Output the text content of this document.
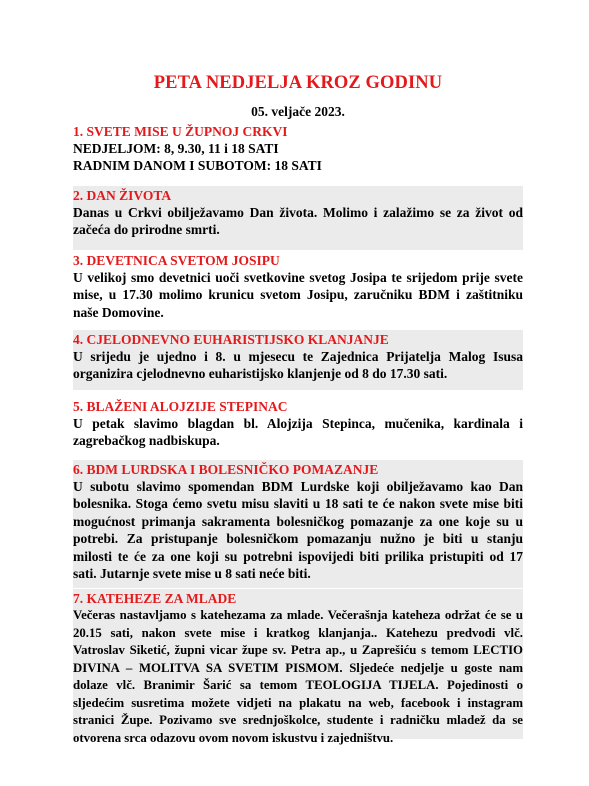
PETA NEDJELJA KROZ GODINU
05. veljače 2023.
1. SVETE MISE U ŽUPNOJ CRKVI
NEDJELJOM: 8, 9.30, 11 i 18 SATI
RADNIM DANOM I SUBOTOM: 18 SATI
2. DAN ŽIVOTA
Danas u Crkvi obilježavamo Dan života. Molimo i zalažimo se za život od
začeća do prirodne smrti.
3. DEVETNICA SVETOM JOSIPU
U velikoj smo devetnici uoči svetkovine svetog Josipa te srijedom prije svete
mise, u 17.30 molimo krunicu svetom Josipu, zaručniku BDM i zaštitniku
naše Domovine.
4. CJELODNEVNO EUHARISTIJSKO KLANJANJE
U srijedu je ujedno i 8. u mjesecu te Zajednica Prijatelja Malog Isusa
organizira cjelodnevno euharistijsko klanjenje od 8 do 17.30 sati.
5. BLAŽENI ALOJZIJE STEPINAC
U petak slavimo blagdan bl. Alojzija Stepinca, mučenika, kardinala i
zagrebačkog nadbiskupa.
6. BDM LURDSKA I BOLESNIČKO POMAZANJE
U subotu slavimo spomendan BDM Lurdske koji obilježavamo kao Dan
bolesnika. Stoga ćemo svetu misu slaviti u 18 sati te će nakon svete mise biti
mogućnost primanja sakramenta bolesničkog pomazanje za one koje su u
potrebi. Za pristupanje bolesničkom pomazanju nužno je biti u stanju
milosti te će za one koji su potrebni ispovijedi biti prilika pristupiti od 17
sati. Jutarnje svete mise u 8 sati neće biti.
7. KATEHEZE ZA MLADE
Večeras nastavljamo s katehezama za mlade. Večerašnja kateheza održat će se u
20.15 sati, nakon svete mise i kratkog klanjanja.. Katehezu predvodi vlč.
Vatroslav Siketić, župni vicar župe sv. Petra ap., u Zaprešiću s temom LECTIO
DIVINA – MOLITVA SA SVETIM PISMOM. Sljedeće nedjelje u goste nam
dolaze vlč. Branimir Šarić sa temom TEOLOGIJA TIJELA. Pojedinosti o
sljedećim susretima možete vidjeti na plakatu na web, facebook i instagram
stranici Župe. Pozivamo sve srednjoškolce, studente i radničku mladež da se
otvorena srca odazovu ovom novom iskustvu i zajedništvu.
